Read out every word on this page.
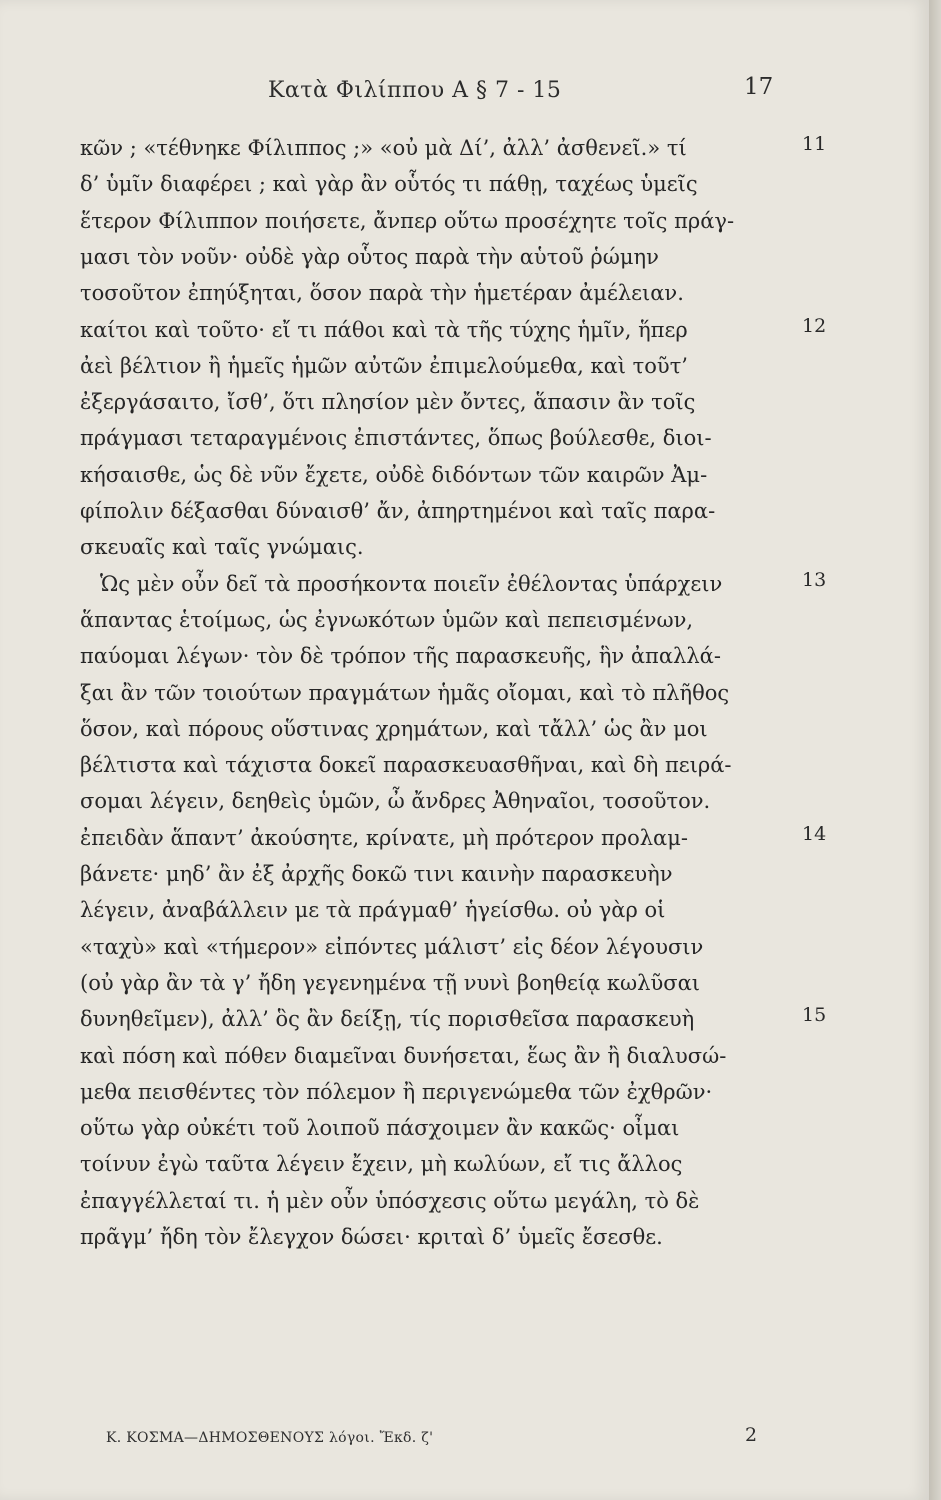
Κατὰ Φιλίππου Α § 7 - 15	17
κῶν ; «τέθνηκε Φίλιππος ;» «οὐ μὰ Δί’, ἀλλ’ ἀσθενεῖ.» τί
δ’ ὑμῖν διαφέρει ; καὶ γὰρ ἂν οὗτός τι πάθῃ, ταχέως ὑμεῖς
ἕτερον Φίλιππον ποιήσετε, ἄνπερ οὕτω προσέχητε τοῖς πράγ-
μασι τὸν νοῦν· οὐδὲ γὰρ οὗτος παρὰ τὴν αὑτοῦ ῥώμην
τοσοῦτον ἐπηύξηται, ὅσον παρὰ τὴν ἡμετέραν ἀμέλειαν.
καίτοι καὶ τοῦτο· εἴ τι πάθοι καὶ τὰ τῆς τύχης ἡμῖν, ἥπερ
ἀεὶ βέλτιον ἢ ἡμεῖς ἡμῶν αὐτῶν ἐπιμελούμεθα, καὶ τοῦτ’
ἐξεργάσαιτο, ἴσθ’, ὅτι πλησίον μὲν ὄντες, ἅπασιν ἂν τοῖς
πράγμασι τεταραγμένοις ἐπιστάντες, ὅπως βούλεσθε, διοι-
κήσαισθε, ὡς δὲ νῦν ἔχετε, οὐδὲ διδόντων τῶν καιρῶν Ἀμ-
φίπολιν δέξασθαι δύναισθ’ ἄν, ἀπηρτημένοι καὶ ταῖς παρα-
σκευαῖς καὶ ταῖς γνώμαις.
Ὡς μὲν οὖν δεῖ τὰ προσήκοντα ποιεῖν ἐθέλοντας ὑπάρχειν
ἅπαντας ἑτοίμως, ὡς ἐγνωκότων ὑμῶν καὶ πεπεισμένων,
παύομαι λέγων· τὸν δὲ τρόπον τῆς παρασκευῆς, ἣν ἀπαλλά-
ξαι ἂν τῶν τοιούτων πραγμάτων ἡμᾶς οἴομαι, καὶ τὸ πλῆθος
ὅσον, καὶ πόρους οὕστινας χρημάτων, καὶ τἄλλ’ ὡς ἂν μοι
βέλτιστα καὶ τάχιστα δοκεῖ παρασκευασθῆναι, καὶ δὴ πειρά-
σομαι λέγειν, δεηθεὶς ὑμῶν, ὦ ἄνδρες Ἀθηναῖοι, τοσοῦτον.
ἐπειδὰν ἅπαντ’ ἀκούσητε, κρίνατε, μὴ πρότερον προλαμ-
βάνετε· μηδ’ ἂν ἐξ ἀρχῆς δοκῶ τινι καινὴν παρασκευὴν
λέγειν, ἀναβάλλειν με τὰ πράγμαθ’ ἡγείσθω. οὐ γὰρ οἱ
«ταχὺ» καὶ «τήμερον» εἰπόντες μάλιστ’ εἰς δέον λέγουσιν
(οὐ γὰρ ἂν τὰ γ’ ἤδη γεγενημένα τῇ νυνὶ βοηθείᾳ κωλῦσαι
δυνηθεῖμεν), ἀλλ’ ὃς ἂν δείξῃ, τίς πορισθεῖσα παρασκευὴ
καὶ πόση καὶ πόθεν διαμεῖναι δυνήσεται, ἕως ἂν ἢ διαλυσώ-
μεθα πεισθέντες τὸν πόλεμον ἢ περιγενώμεθα τῶν ἐχθρῶν·
οὕτω γὰρ οὐκέτι τοῦ λοιποῦ πάσχοιμεν ἂν κακῶς· οἶμαι
τοίνυν ἐγὼ ταῦτα λέγειν ἔχειν, μὴ κωλύων, εἴ τις ἄλλος
ἐπαγγέλλεταί τι. ἡ μὲν οὖν ὑπόσχεσις οὕτω μεγάλη, τὸ δὲ
πρᾶγμ’ ἤδη τὸν ἔλεγχον δώσει· κριταὶ δ’ ὑμεῖς ἔσεσθε.
11
12
13
14
15
Κ. ΚΟΣΜΑ—ΔΗΜΟΣΘΕΝΟΥΣ λόγοι. Ἔκδ. ζ'	2
